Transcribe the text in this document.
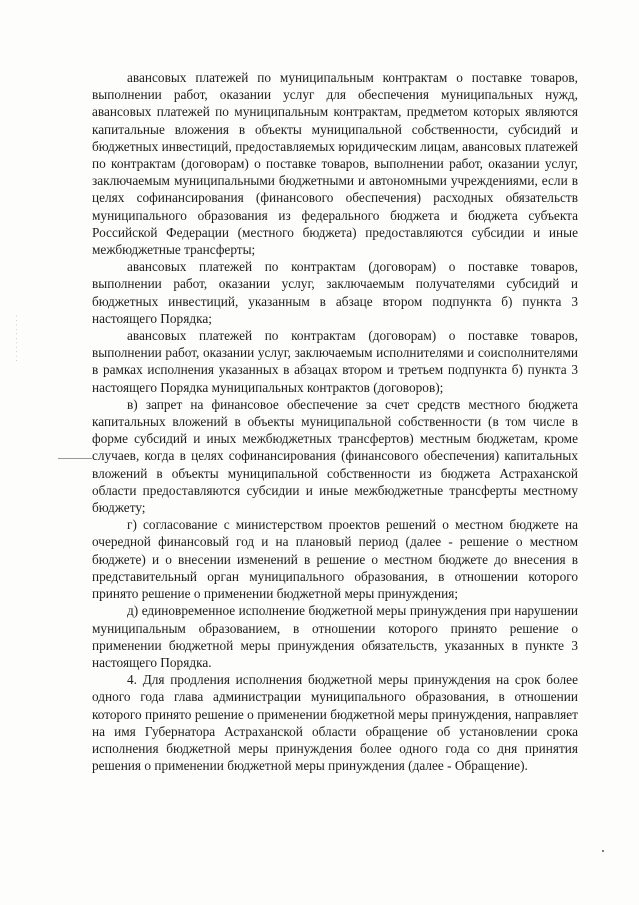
· · · · · · · · · · ·

авансовых платежей по муниципальным контрактам о поставке товаров, выполнении работ, оказании услуг для обеспечения муниципальных нужд, авансовых платежей по муниципальным контрактам, предметом которых являются капитальные вложения в объекты муниципальной собственности, субсидий и бюджетных инвестиций, предоставляемых юридическим лицам, авансовых платежей по контрактам (договорам) о поставке товаров, выполнении работ, оказании услуг, заключаемым муниципальными бюджетными и автономными учреждениями, если в целях софинансирования (финансового обеспечения) расходных обязательств муниципального образования из федерального бюджета и бюджета субъекта Российской Федерации (местного бюджета) предоставляются субсидии и иные межбюджетные трансферты;

авансовых платежей по контрактам (договорам) о поставке товаров, выполнении работ, оказании услуг, заключаемым получателями субсидий и бюджетных инвестиций, указанным в абзаце втором подпункта б) пункта 3 настоящего Порядка;

авансовых платежей по контрактам (договорам) о поставке товаров, выполнении работ, оказании услуг, заключаемым исполнителями и соисполнителями в рамках исполнения указанных в абзацах втором и третьем подпункта б) пункта 3 настоящего Порядка муниципальных контрактов (договоров);

в) запрет на финансовое обеспечение за счет средств местного бюджета капитальных вложений в объекты муниципальной собственности (в том числе в форме субсидий и иных межбюджетных трансфертов) местным бюджетам, кроме случаев, когда в целях софинансирования (финансового обеспечения) капитальных вложений в объекты муниципальной собственности из бюджета Астраханской области предоставляются субсидии и иные межбюджетные трансферты местному бюджету;

г) согласование с министерством проектов решений о местном бюджете на очередной финансовый год и на плановый период (далее - решение о местном бюджете) и о внесении изменений в решение о местном бюджете до внесения в представительный орган муниципального образования, в отношении которого принято решение о применении бюджетной меры принуждения;

д) единовременное исполнение бюджетной меры принуждения при нарушении муниципальным образованием, в отношении которого принято решение о применении бюджетной меры принуждения обязательств, указанных в пункте 3 настоящего Порядка.

4. Для продления исполнения бюджетной меры принуждения на срок более одного года глава администрации муниципального образования, в отношении которого принято решение о применении бюджетной меры принуждения, направляет на имя Губернатора Астраханской области обращение об установлении срока исполнения бюджетной меры принуждения более одного года со дня принятия решения о применении бюджетной меры принуждения (далее - Обращение).
